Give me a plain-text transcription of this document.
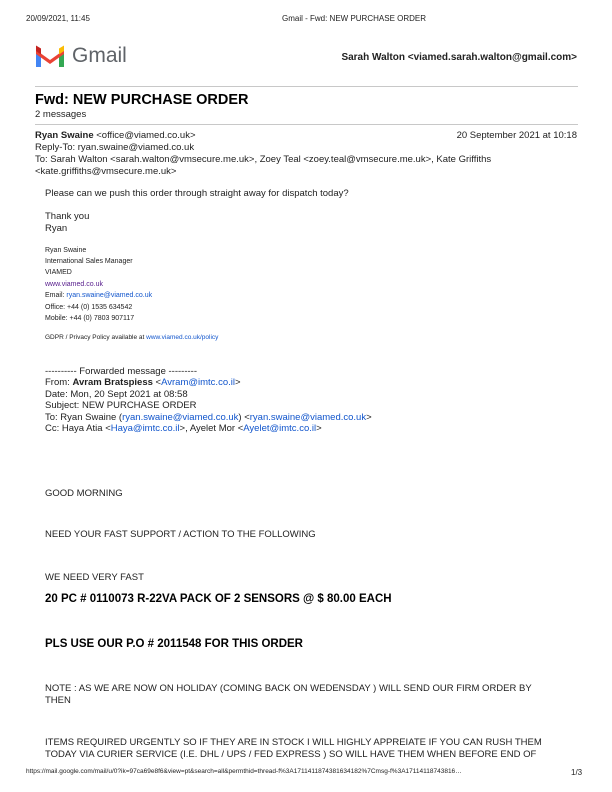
20/09/2021, 11:45	Gmail - Fwd: NEW PURCHASE ORDER
Gmail	Sarah Walton <viamed.sarah.walton@gmail.com>
Fwd: NEW PURCHASE ORDER
2 messages
Ryan Swaine <office@viamed.co.uk>	20 September 2021 at 10:18
Reply-To: ryan.swaine@viamed.co.uk
To: Sarah Walton <sarah.walton@vmsecure.me.uk>, Zoey Teal <zoey.teal@vmsecure.me.uk>, Kate Griffiths
<kate.griffiths@vmsecure.me.uk>
Please can we push this order through straight away for dispatch today?
Thank you
Ryan
Ryan Swaine
International Sales Manager
VIAMED
www.viamed.co.uk
Email: ryan.swaine@viamed.co.uk
Office: +44 (0) 1535 634542
Mobile: +44 (0) 7803 907117
GDPR / Privacy Policy available at www.viamed.co.uk/policy
---------- Forwarded message ---------
From: Avram Bratspiess <Avram@imtc.co.il>
Date: Mon, 20 Sept 2021 at 08:58
Subject: NEW PURCHASE ORDER
To: Ryan Swaine (ryan.swaine@viamed.co.uk) <ryan.swaine@viamed.co.uk>
Cc: Haya Atia <Haya@imtc.co.il>, Ayelet Mor <Ayelet@imtc.co.il>
GOOD MORNING
NEED YOUR FAST SUPPORT / ACTION TO THE FOLLOWING
WE NEED VERY FAST
20 PC # 0110073 R-22VA PACK OF 2 SENSORS @ $ 80.00 EACH
PLS USE OUR P.O # 2011548 FOR THIS ORDER
NOTE : AS WE ARE NOW ON HOLIDAY (COMING BACK ON WEDENSDAY ) WILL SEND OUR FIRM ORDER BY
THEN
ITEMS REQUIRED URGENTLY SO IF THEY ARE IN STOCK I WILL HIGHLY APPREIATE IF YOU CAN RUSH THEM
TODAY VIA CURIER SERVICE (I.E. DHL / UPS / FED EXPRESS ) SO WILL HAVE THEM WHEN BEFORE END OF
https://mail.google.com/mail/u/0?ik=97ca69e8f6&view=pt&search=all&permthid=thread-f%3A1711411874381634182%7Cmsg-f%3A17114118743816…	1/3
